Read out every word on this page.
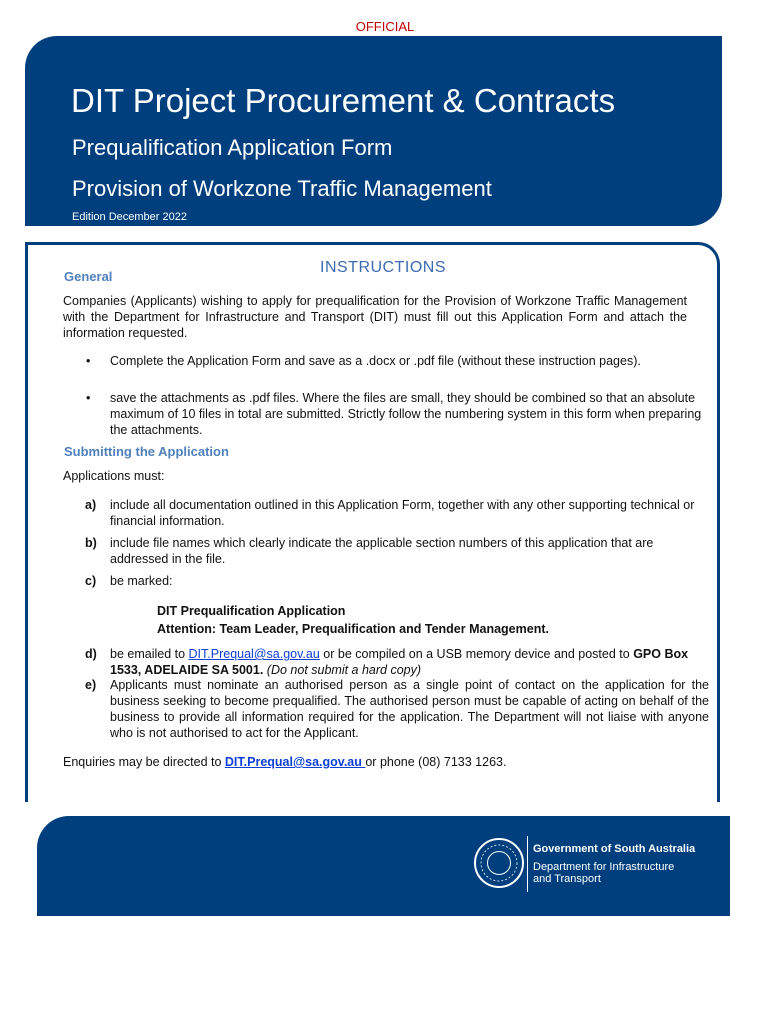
OFFICIAL
DIT Project Procurement & Contracts
Prequalification Application Form
Provision of Workzone Traffic Management
Edition December 2022
INSTRUCTIONS
General
Companies (Applicants) wishing to apply for prequalification for the Provision of Workzone Traffic Management with the Department for Infrastructure and Transport (DIT) must fill out this Application Form and attach the information requested.
•	Complete the Application Form and save as a .docx or .pdf file (without these instruction pages).
•	save the attachments as .pdf files. Where the files are small, they should be combined so that an absolute maximum of 10 files in total are submitted. Strictly follow the numbering system in this form when preparing the attachments.
Submitting the Application
Applications must:
a)	include all documentation outlined in this Application Form, together with any other supporting technical or financial information.
b)	include file names which clearly indicate the applicable section numbers of this application that are addressed in the file.
c)	be marked:
DIT Prequalification Application
Attention: Team Leader, Prequalification and Tender Management.
d)	be emailed to DIT.Prequal@sa.gov.au or be compiled on a USB memory device and posted to GPO Box 1533, ADELAIDE SA 5001. (Do not submit a hard copy)
e)	Applicants must nominate an authorised person as a single point of contact on the application for the business seeking to become prequalified. The authorised person must be capable of acting on behalf of the business to provide all information required for the application. The Department will not liaise with anyone who is not authorised to act for the Applicant.
Enquiries may be directed to DIT.Prequal@sa.gov.au or phone (08) 7133 1263.
Government of South Australia
Department for Infrastructure
and Transport
